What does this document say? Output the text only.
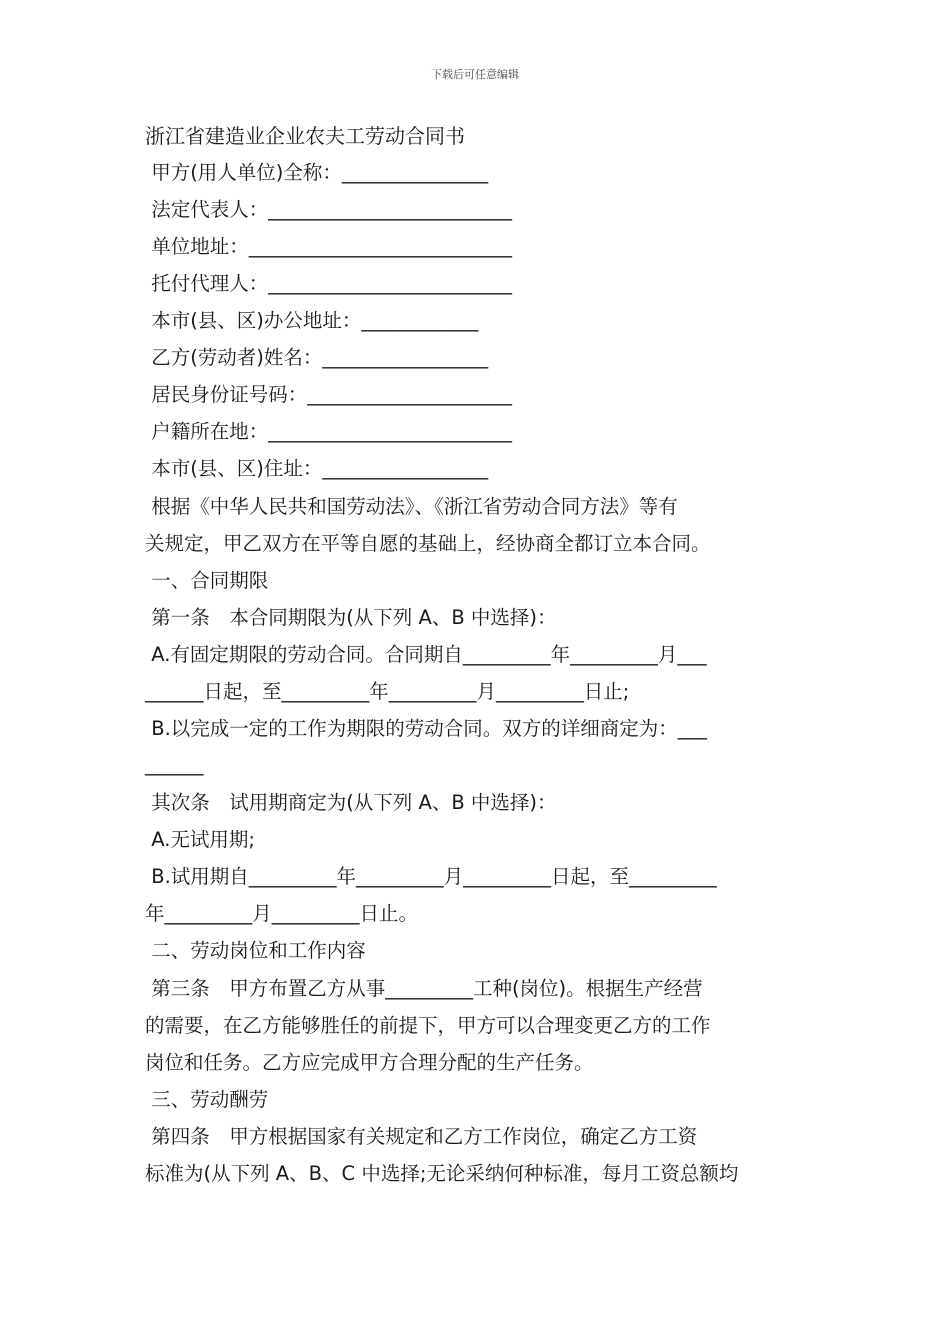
下载后可任意编辑
浙江省建造业企业农夫工劳动合同书
甲方(用人单位)全称：_______________
法定代表人：_________________________
单位地址：___________________________
托付代理人：_________________________
本市(县、区)办公地址：____________
乙方(劳动者)姓名：_________________
居民身份证号码：_____________________
户籍所在地：_________________________
本市(县、区)住址：_________________
根据《中华人民共和国劳动法》、《浙江省劳动合同方法》等有
关规定，甲乙双方在平等自愿的基础上，经协商全都订立本合同。
一、合同期限
第一条　本合同期限为(从下列 A、B 中选择)：
A.有固定期限的劳动合同。合同期自_________年_________月___
______日起，至_________年_________月_________日止;
B.以完成一定的工作为期限的劳动合同。双方的详细商定为：___
______
其次条　试用期商定为(从下列 A、B 中选择)：
A.无试用期;
B.试用期自_________年_________月_________日起，至_________
年_________月_________日止。
二、劳动岗位和工作内容
第三条　甲方布置乙方从事_________工种(岗位)。根据生产经营
的需要，在乙方能够胜任的前提下，甲方可以合理变更乙方的工作
岗位和任务。乙方应完成甲方合理分配的生产任务。
三、劳动酬劳
第四条　甲方根据国家有关规定和乙方工作岗位，确定乙方工资
标准为(从下列 A、B、C 中选择;无论采纳何种标准，每月工资总额均
